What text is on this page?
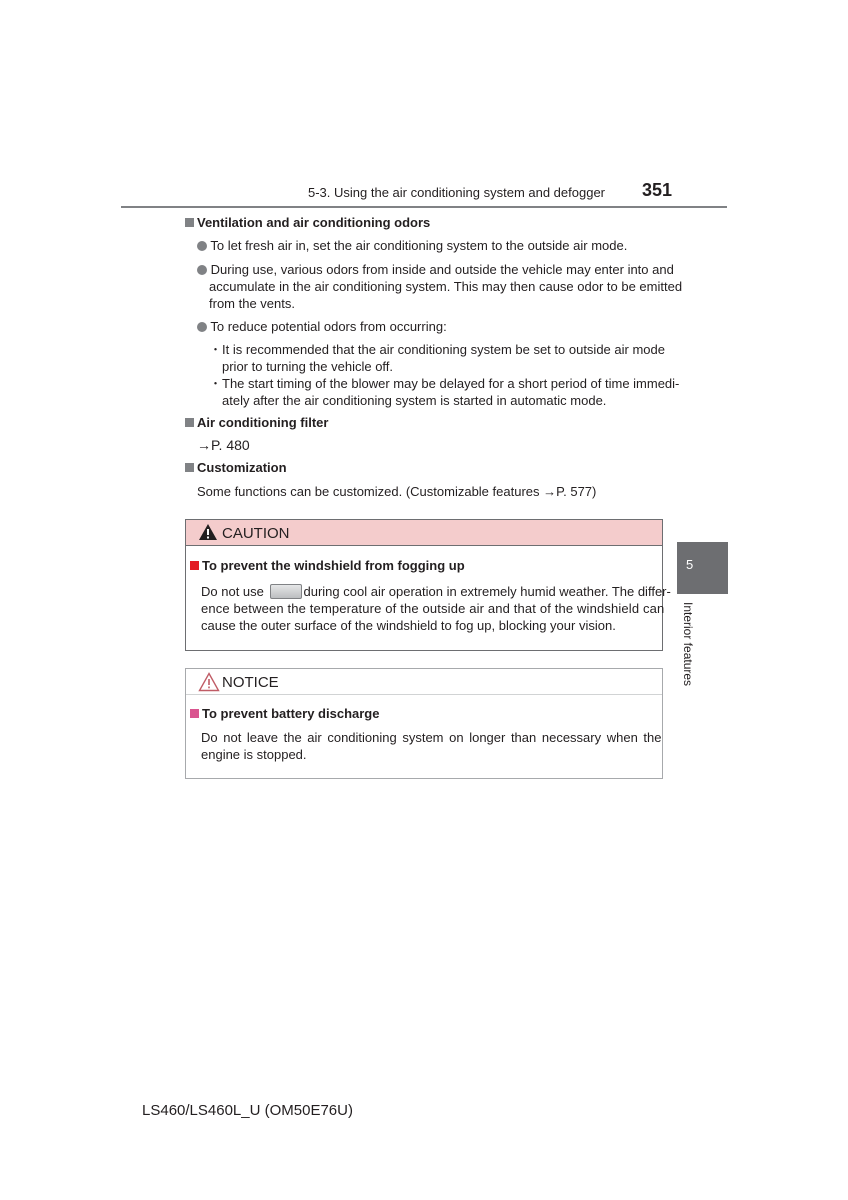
5-3. Using the air conditioning system and defogger 351
5
Interior features
Ventilation and air conditioning odors
To let fresh air in, set the air conditioning system to the outside air mode.
During use, various odors from inside and outside the vehicle may enter into and
accumulate in the air conditioning system. This may then cause odor to be emitted
from the vents.
To reduce potential odors from occurring:
・It is recommended that the air conditioning system be set to outside air mode
prior to turning the vehicle off.
・The start timing of the blower may be delayed for a short period of time immedi-
ately after the air conditioning system is started in automatic mode.
Air conditioning filter
→P. 480
Customization
Some functions can be customized. (Customizable features →P. 577)
CAUTION
To prevent the windshield from fogging up
Do not use	during cool air operation in extremely humid weather. The differ-
ence between the temperature of the outside air and that of the windshield can
cause the outer surface of the windshield to fog up, blocking your vision.
NOTICE
To prevent battery discharge
Do not leave the air conditioning system on longer than necessary when the
engine is stopped.
LS460/LS460L_U (OM50E76U)
